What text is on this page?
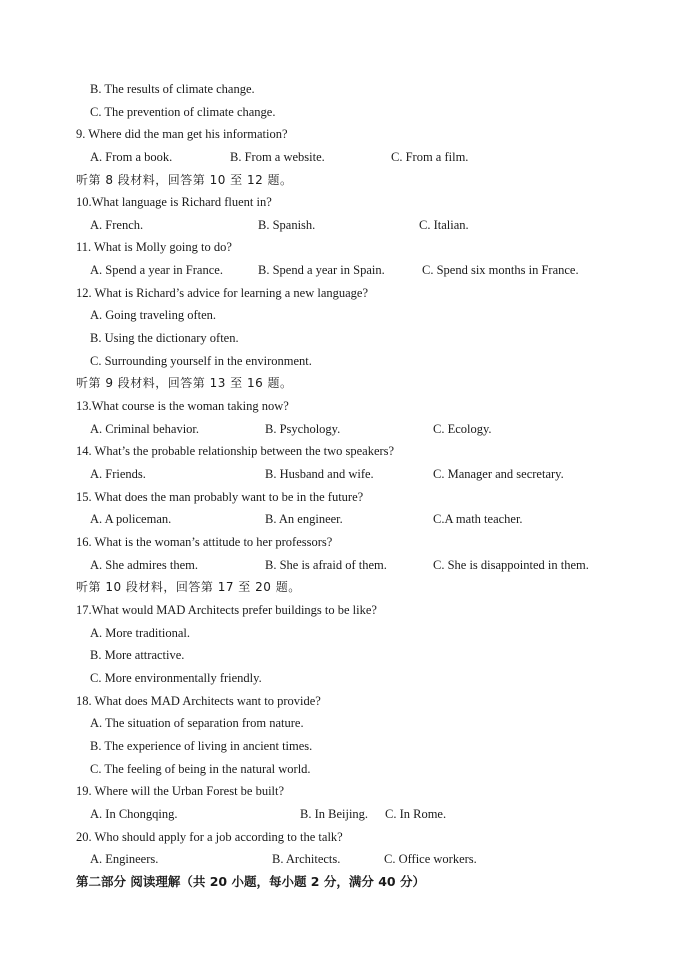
B. The results of climate change.
C. The prevention of climate change.
9. Where did the man get his information?
A. From a book.	B. From a website.	C. From a film.
听第 8 段材料，回答第 10 至 12 题。
10.What language is Richard fluent in?
A. French.	B. Spanish.	C. Italian.
11. What is Molly going to do?
A. Spend a year in France.	B. Spend a year in Spain.	C. Spend six months in France.
12. What is Richard’s advice for learning a new language?
A. Going traveling often.
B. Using the dictionary often.
C. Surrounding yourself in the environment.
听第 9 段材料，回答第 13 至 16 题。
13.What course is the woman taking now?
A. Criminal behavior.	B. Psychology.	C. Ecology.
14. What’s the probable relationship between the two speakers?
A. Friends.	B. Husband and wife.	C. Manager and secretary.
15. What does the man probably want to be in the future?
A. A policeman.	B. An engineer.	C.A math teacher.
16. What is the woman’s attitude to her professors?
A. She admires them.	B. She is afraid of them.	C. She is disappointed in them.
听第 10 段材料，回答第 17 至 20 题。
17.What would MAD Architects prefer buildings to be like?
A. More traditional.
B. More attractive.
C. More environmentally friendly.
18. What does MAD Architects want to provide?
A. The situation of separation from nature.
B. The experience of living in ancient times.
C. The feeling of being in the natural world.
19. Where will the Urban Forest be built?
A. In Chongqing.	B. In Beijing. C. In Rome.
20. Who should apply for a job according to the talk?
A. Engineers.	B. Architects.	C. Office workers.
第二部分 阅读理解（共 20 小题，每小题 2 分，满分 40 分）
